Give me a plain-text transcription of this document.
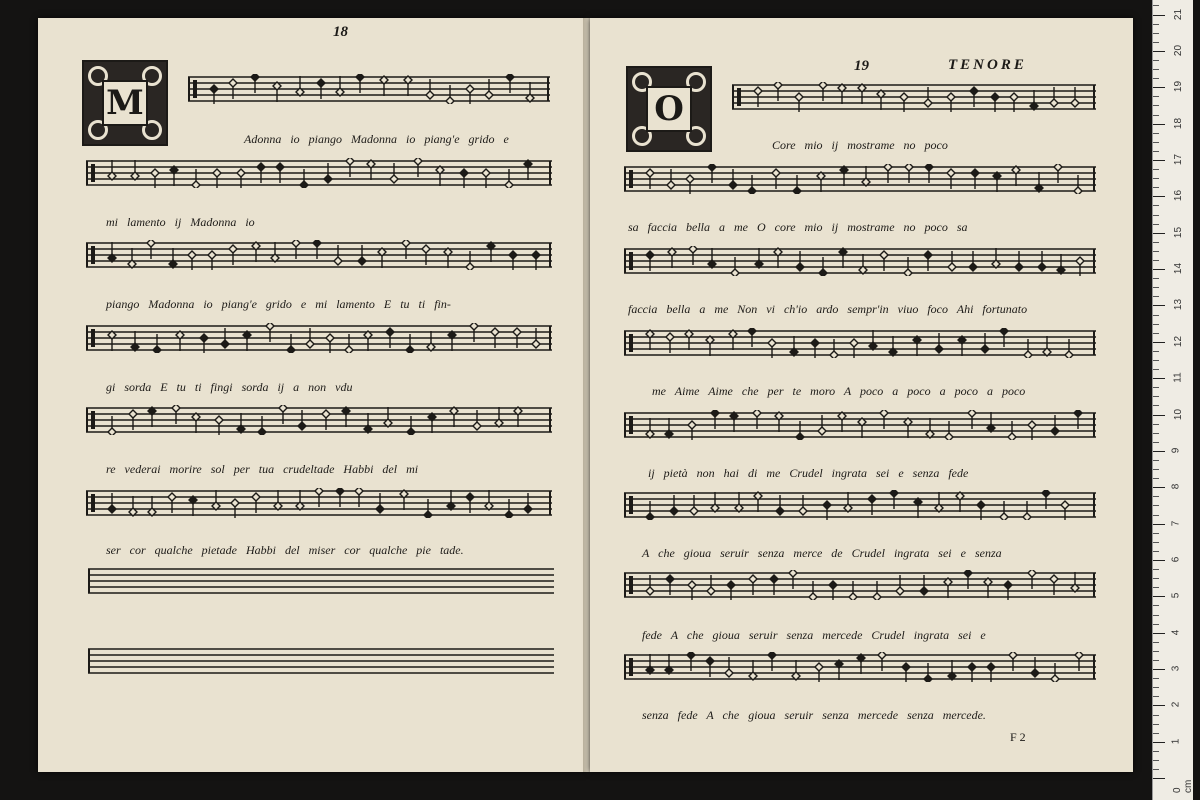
18
M
Adonna io piango Madonna io piang'e grido e
mi lamento ij Madonna io
piango Madonna io piang'e grido e mi lamento E tu ti fin-
gi sorda E tu ti fingi sorda ij a non vdu
re vederai morire sol per tua crudeltade Habbi del mi
ser cor qualche pietade Habbi del miser cor qualche pie tade.
19	TENORE
O
Core mio ij mostrame no poco
sa faccia bella a me O core mio ij mostrame no poco sa
faccia bella a me Non vi ch'io ardo sempr'in viuo foco Ahi fortunato
me Aime Aime che per te moro A poco a poco a poco a poco
ij pietà non hai di me Crudel ingrata sei e senza fede
A che gioua seruir senza merce de Crudel ingrata sei e senza
fede A che gioua seruir senza mercede Crudel ingrata sei e
senza fede A che gioua seruir senza mercede senza mercede.
F 2
0 cm
1
2
3
4
5
6
7
8
9
10
11
12
13
14
15
16
17
18
19
20
21
